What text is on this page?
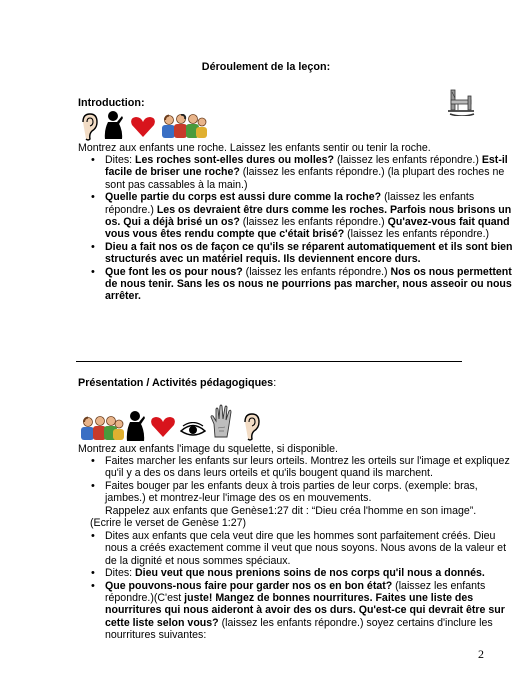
Déroulement de la leçon:
Introduction:
Montrez aux enfants une roche. Laissez les enfants sentir ou tenir la roche.
• Dites: Les roches sont-elles dures ou molles? (laissez les enfants répondre.) Est-il facile de briser une roche? (laissez les enfants répondre.) (la plupart des roches ne sont pas cassables à la main.)
• Quelle partie du corps est aussi dure comme la roche? (laissez les enfants répondre.) Les os devraient être durs comme les roches. Parfois nous brisons un os. Qui a déjà brisé un os? (laissez les enfants répondre.) Qu'avez-vous fait quand vous vous êtes rendu compte que c'était brisé? (laissez les enfants répondre.)
• Dieu a fait nos os de façon ce qu'ils se réparent automatiquement et ils sont bien structurés avec un matériel requis. Ils deviennent encore durs.
• Que font les os pour nous? (laissez les enfants répondre.) Nos os nous permettent de nous tenir. Sans les os nous ne pourrions pas marcher, nous asseoir ou nous arrêter.
Présentation / Activités pédagogiques:
Montrez aux enfants l'image du squelette, si disponible.
• Faites marcher les enfants sur leurs orteils. Montrez les orteils sur l'image et expliquez qu'il y a des os dans leurs orteils et qu'ils bougent quand ils marchent.
• Faites bouger par les enfants deux à trois parties de leur corps. (exemple: bras, jambes.) et montrez-leur l'image des os en mouvements.
Rappelez aux enfants que Genèse1:27 dit : “Dieu créa l'homme en son image”.
(Ecrire le verset de Genèse 1:27)
• Dites aux enfants que cela veut dire que les hommes sont parfaitement créés. Dieu nous a créés exactement comme il veut que nous soyons. Nous avons de la valeur et de la dignité et nous sommes spéciaux.
• Dites: Dieu veut que nous prenions soins de nos corps qu'il nous a donnés.
• Que pouvons-nous faire pour garder nos os en bon état? (laissez les enfants répondre.)(C'est juste! Mangez de bonnes nourritures. Faites une liste des nourritures qui nous aideront à avoir des os durs. Qu'est-ce qui devrait être sur cette liste selon vous? (laissez les enfants répondre.) soyez certains d'inclure les nourritures suivantes:
2
